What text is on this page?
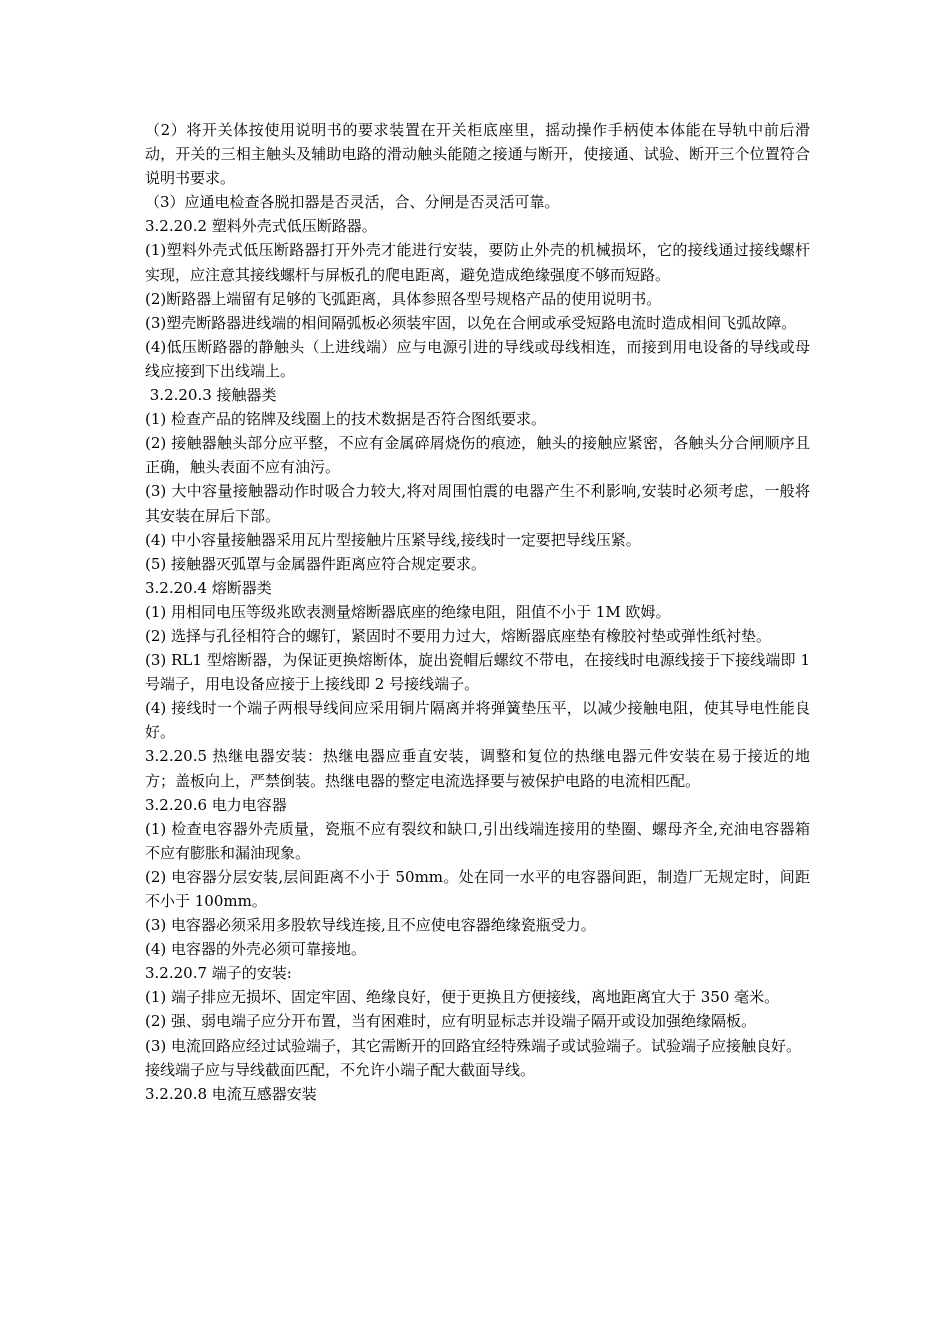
（2）将开关体按使用说明书的要求装置在开关柜底座里，摇动操作手柄使本体能在导轨中前后滑动，开关的三相主触头及辅助电路的滑动触头能随之接通与断开，使接通、试验、断开三个位置符合说明书要求。

（3）应通电检查各脱扣器是否灵活，合、分闸是否灵活可靠。

3.2.20.2 塑料外壳式低压断路器。

(1)塑料外壳式低压断路器打开外壳才能进行安装，要防止外壳的机械损坏，它的接线通过接线螺杆实现，应注意其接线螺杆与屏板孔的爬电距离，避免造成绝缘强度不够而短路。

(2)断路器上端留有足够的飞弧距离，具体参照各型号规格产品的使用说明书。

(3)塑壳断路器进线端的相间隔弧板必须装牢固，以免在合闸或承受短路电流时造成相间飞弧故障。

(4)低压断路器的静触头（上进线端）应与电源引进的导线或母线相连，而接到用电设备的导线或母线应接到下出线端上。

3.2.20.3 接触器类

(1) 检查产品的铭牌及线圈上的技术数据是否符合图纸要求。

(2) 接触器触头部分应平整，不应有金属碎屑烧伤的痕迹，触头的接触应紧密，各触头分合闸顺序且正确，触头表面不应有油污。

(3) 大中容量接触器动作时吸合力较大,将对周围怕震的电器产生不利影响,安装时必须考虑，一般将其安装在屏后下部。

(4) 中小容量接触器采用瓦片型接触片压紧导线,接线时一定要把导线压紧。

(5) 接触器灭弧罩与金属器件距离应符合规定要求。

3.2.20.4 熔断器类

(1) 用相同电压等级兆欧表测量熔断器底座的绝缘电阻，阻值不小于 1M 欧姆。

(2) 选择与孔径相符合的螺钉，紧固时不要用力过大，熔断器底座垫有橡胶衬垫或弹性纸衬垫。

(3) RL1 型熔断器，为保证更换熔断体，旋出瓷帽后螺纹不带电，在接线时电源线接于下接线端即 1 号端子，用电设备应接于上接线即 2 号接线端子。

(4) 接线时一个端子两根导线间应采用铜片隔离并将弹簧垫压平，以减少接触电阻，使其导电性能良好。

3.2.20.5 热继电器安装：热继电器应垂直安装，调整和复位的热继电器元件安装在易于接近的地方；盖板向上，严禁倒装。热继电器的整定电流选择要与被保护电路的电流相匹配。

3.2.20.6 电力电容器

(1) 检查电容器外壳质量，瓷瓶不应有裂纹和缺口,引出线端连接用的垫圈、螺母齐全,充油电容器箱不应有膨胀和漏油现象。

(2) 电容器分层安装,层间距离不小于 50mm。处在同一水平的电容器间距，制造厂无规定时，间距不小于 100mm。

(3) 电容器必须采用多股软导线连接,且不应使电容器绝缘瓷瓶受力。

(4) 电容器的外壳必须可靠接地。

3.2.20.7 端子的安装:

(1) 端子排应无损坏、固定牢固、绝缘良好，便于更换且方便接线，离地距离宜大于 350 毫米。

(2) 强、弱电端子应分开布置，当有困难时，应有明显标志并设端子隔开或设加强绝缘隔板。

(3) 电流回路应经过试验端子，其它需断开的回路宜经特殊端子或试验端子。试验端子应接触良好。

接线端子应与导线截面匹配，不允许小端子配大截面导线。

3.2.20.8 电流互感器安装
